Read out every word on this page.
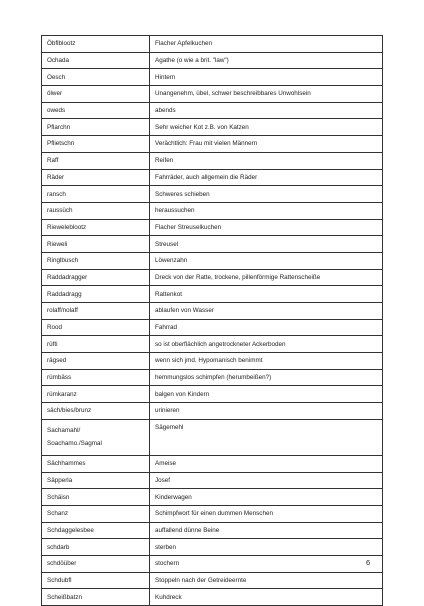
Öbflblootz	Flacher Apfelkuchen
Ochada	Agathe (o wie a brit. "law")
Oesch	Hintern
ölwer	Unangenehm, übel, schwer beschreibbares Unwohlsein
oweds	abends
Pflarchn	Sehr weicher Kot z.B. von Katzen
Pflietschn	Verächtlich: Frau mit vielen Männern
Raff	Reifen
Räder	Fahrräder, auch allgemein die Räder
ransch	Schweres schieben
raussüch	heraussuchen
Rieweleblootz	Flacher Streuselkuchen
Rieweli	Streusel
Ringlbusch	Löwenzahn
Raddadragger	Dreck von der Ratte, trockene, pillenförmige Rattenscheiße
Raddadragg	Rattenkot
rolaff/nolaff	ablaufen von Wasser
Rood	Fahrrad
rüfti	so ist oberflächlich angetrockneter Ackerboden
rägsed	wenn sich jmd. Hypomanisch benimmt
rümbäss	hemmungslos schimpfen (herumbeißen?)
rümkaranz	balgen von Kindern
säch/bies/brunz	urinieren

Sachamahl/
Soachamo./Sagmal	Sägemehl
Sächhammes	Ameise
Säpperla	Josef
Schäisn	Kinderwagen
Schanz	Schimpfwort für einen dummen Menschen
Schdaggelesbee	auffallend dünne Beine
schdarb	sterben
schdöüber	stochern
Schdubfl	Stoppeln nach der Getreideernte
Scheißbatzn	Kuhdreck
6
